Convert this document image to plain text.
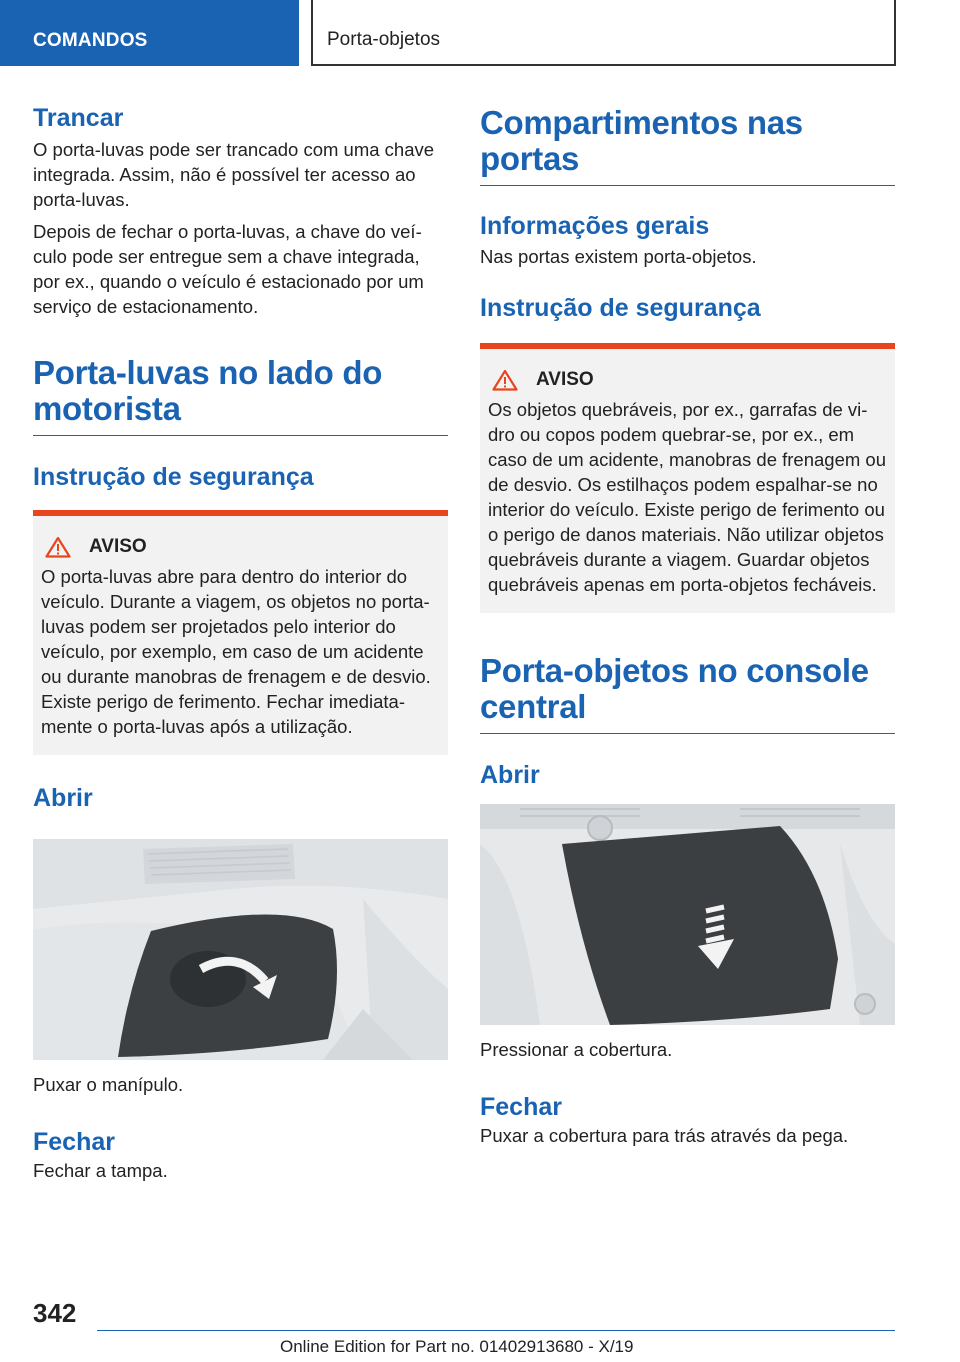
COMANDOS	Porta-objetos
Trancar

O porta-luvas pode ser trancado com uma chave integrada. Assim, não é possível ter acesso ao porta-luvas.

Depois de fechar o porta-luvas, a chave do veículo pode ser entregue sem a chave integrada, por ex., quando o veículo é estacionado por um serviço de estacionamento.

Porta-luvas no lado do motorista
Instrução de segurança
AVISO

O porta-luvas abre para dentro do interior do veículo. Durante a viagem, os objetos no porta-luvas podem ser projetados pelo interior do veículo, por exemplo, em caso de um acidente ou durante manobras de frenagem e de desvio. Existe perigo de ferimento. Fechar imediatamente o porta-luvas após a utilização.

Abrir

Puxar o manípulo.

Fechar

Fechar a tampa.

Compartimentos nas portas
Informações gerais

Nas portas existem porta-objetos.

Instrução de segurança
AVISO

Os objetos quebráveis, por ex., garrafas de vidro ou copos podem quebrar-se, por ex., em caso de um acidente, manobras de frenagem ou de desvio. Os estilhaços podem espalhar-se no interior do veículo. Existe perigo de ferimento ou o perigo de danos materiais. Não utilizar objetos quebráveis durante a viagem. Guardar objetos quebráveis apenas em porta-objetos fecháveis.

Porta-objetos no console central
Abrir

Pressionar a cobertura.

Fechar

Puxar a cobertura para trás através da pega.

342
Online Edition for Part no. 01402913680 - X/19
